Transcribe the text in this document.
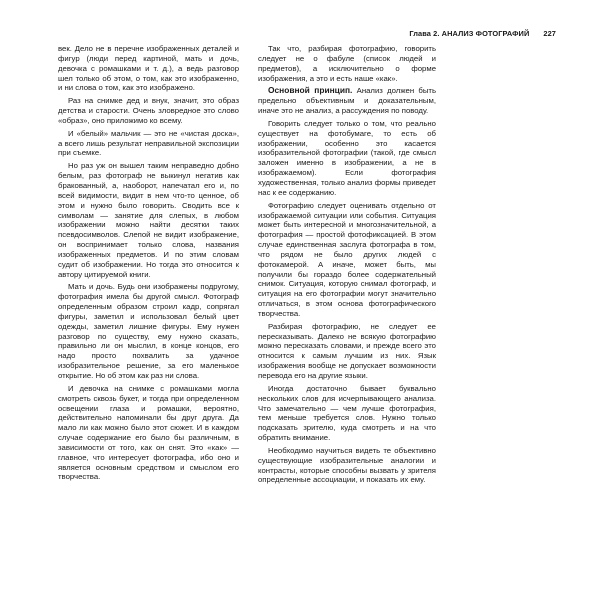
Глава 2. АНАЛИЗ ФОТОГРАФИЙ 227

век. Дело не в перечне изображенных деталей и фигур (люди перед картиной, мать и дочь, девочка с ромашками и т. д.), а ведь разговор шел только об этом, о том, как это изображенно, и ни слова о том, как это изображено.

Раз на снимке дед и внук, значит, это образ детства и старости. Очень зловредное это слово «образ», оно приложимо ко всему.

И «белый» мальчик — это не «чистая доска», а всего лишь результат неправильной экспозиции при съемке.

Но раз уж он вышел таким неправедно добно белым, раз фотограф не выкинул негатив как бракованный, а, наоборот, напечатал его и, по всей видимости, видит в нем что-то ценное, об этом и нужно было говорить. Сводить все к символам — занятие для слепых, в любом изображении можно найти десятки таких псевдосимволов. Слепой не видит изображение, он воспринимает только слова, названия изображенных предметов. И по этим словам судит об изображении. Но тогда это относится к автору цитируемой книги.

Мать и дочь. Будь они изображены подругому, фотография имела бы другой смысл. Фотограф определенным образом строил кадр, сопрягал фигуры, заметил и использовал белый цвет одежды, заметил лишние фигуры. Ему нужен разговор по существу, ему нужно сказать, правильно ли он мыслил, в конце концов, его надо просто похвалить за удачное изобразительное решение, за его маленькое открытие. Но об этом как раз ни слова.

И девочка на снимке с ромашками могла смотреть сквозь букет, и тогда при определенном освещении глаза и ромашки, вероятно, действительно напоминали бы друг друга. Да мало ли как можно было этот сюжет. И в каждом случае содержание его было бы различным, в зависимости от того, как он снят. Это «как» — главное, что интересует фотографа, ибо оно и является основным средством и смыслом его творчества.

Так что, разбирая фотографию, говорить следует не о фабуле (список людей и предметов), а исключительно о форме изображения, а это и есть наше «как».

Основной принцип. Анализ должен быть предельно объективным и доказательным, иначе это не анализ, а рассуждения по поводу.

Говорить следует только о том, что реально существует на фотобумаге, то есть об изображении, особенно это касается изобразительной фотографии (такой, где смысл заложен именно в изображении, а не в изображаемом). Если фотография художественная, только анализ формы приведет нас к ее содержанию.

Фотографию следует оценивать отдельно от изображаемой ситуации или события. Ситуация может быть интересной и многозначительной, а фотография — простой фотофиксацией. В этом случае единственная заслуга фотографа в том, что рядом не было других людей с фотокамерой. А иначе, может быть, мы получили бы гораздо более содержательный снимок. Ситуация, которую снимал фотограф, и ситуация на его фотографии могут значительно отличаться, в этом основа фотографического творчества.

Разбирая фотографию, не следует ее пересказывать. Далеко не всякую фотографию можно пересказать словами, и прежде всего это относится к самым лучшим из них. Язык изображения вообще не допускает возможности перевода его на другие языки.

Иногда достаточно бывает буквально нескольких слов для исчерпывающего анализа. Что замечательно — чем лучше фотография, тем меньше требуется слов. Нужно только подсказать зрителю, куда смотреть и на что обратить внимание.

Необходимо научиться видеть те объективно существующие изобразительные аналогии и контрасты, которые способны вызвать у зрителя определенные ассоциации, и показать их ему.
